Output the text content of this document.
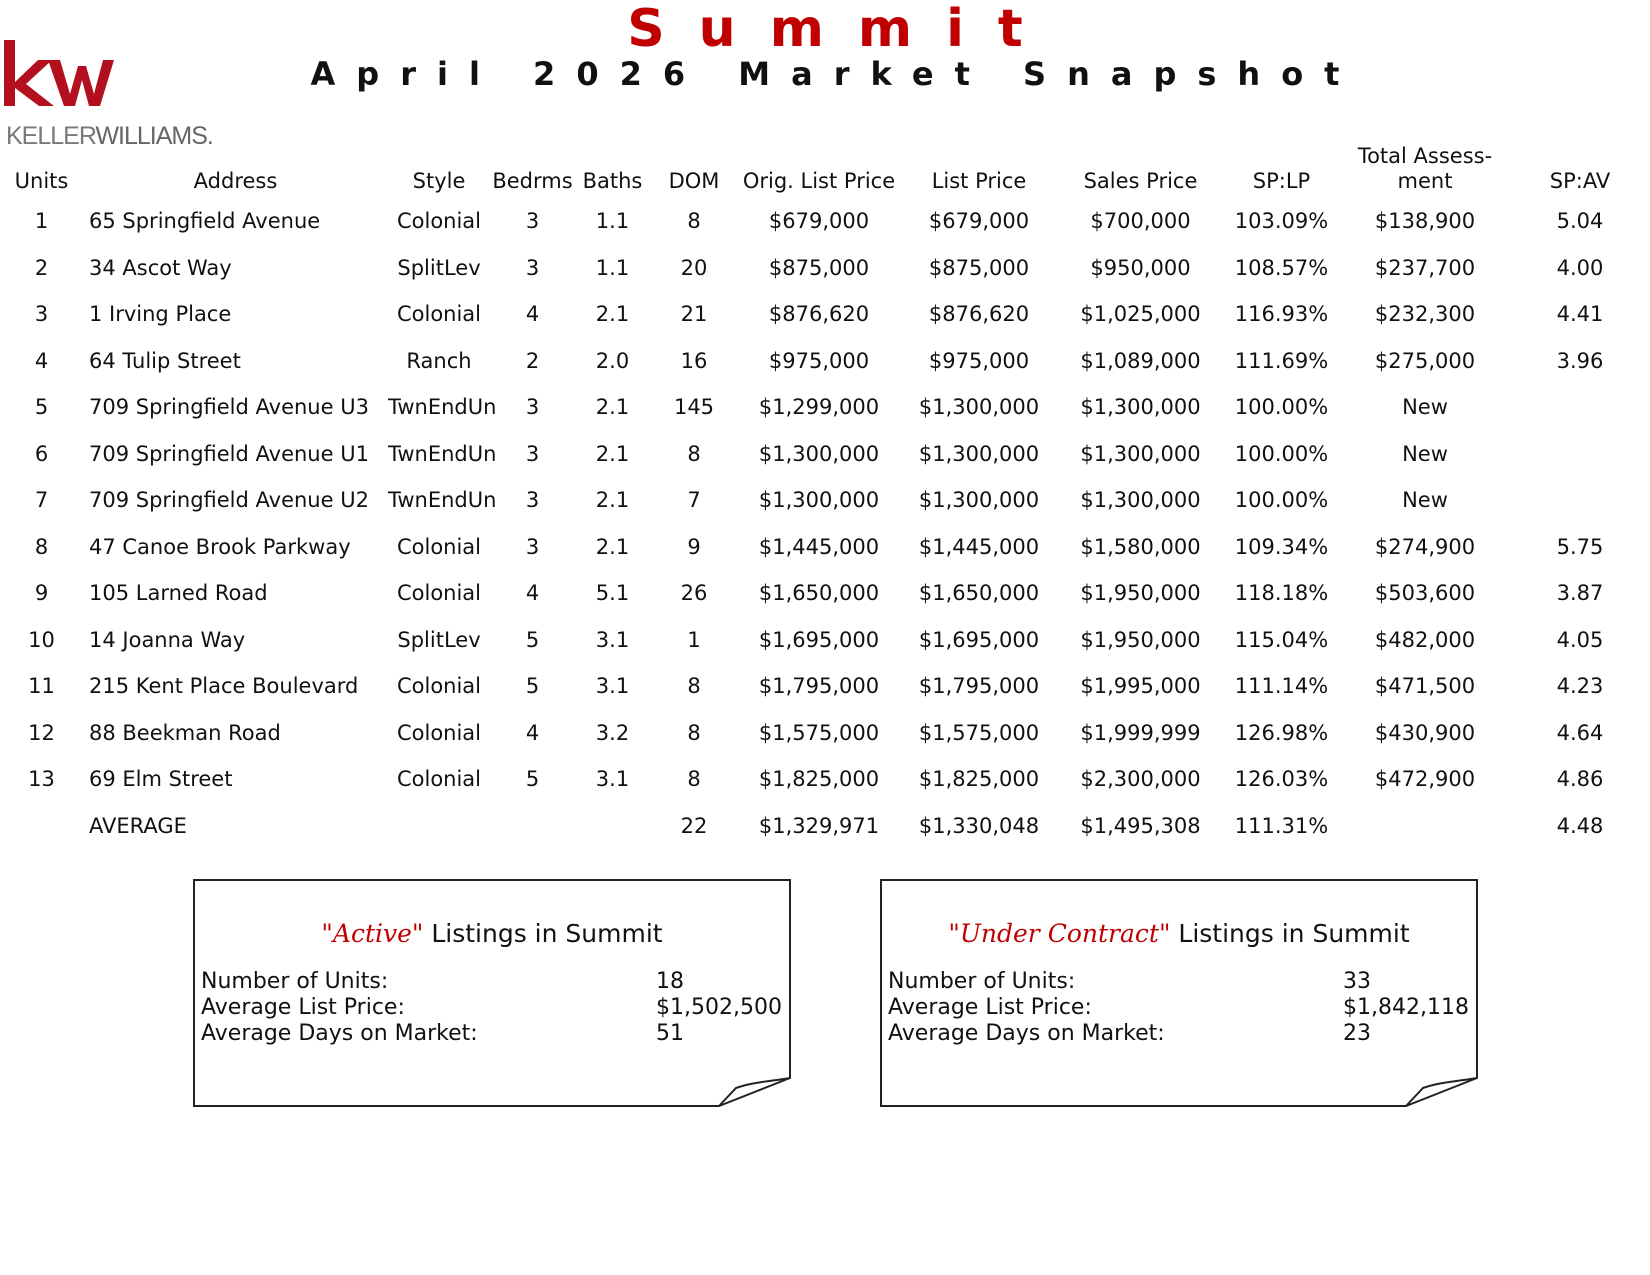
KELLERWILLIAMS.
Summit
April 2026 Market Snapshot
Units	Address	Style	Bedrms	Baths	DOM	Orig. List Price	List Price	Sales Price	SP:LP	Total Assess-
ment	SP:AV
1	65 Springfield Avenue	Colonial	3	1.1	8	$679,000	$679,000	$700,000	103.09%	$138,900	5.04
2	34 Ascot Way	SplitLev	3	1.1	20	$875,000	$875,000	$950,000	108.57%	$237,700	4.00
3	1 Irving Place	Colonial	4	2.1	21	$876,620	$876,620	$1,025,000	116.93%	$232,300	4.41
4	64 Tulip Street	Ranch	2	2.0	16	$975,000	$975,000	$1,089,000	111.69%	$275,000	3.96
5	709 Springfield Avenue U3	TwnEndUn	3	2.1	145	$1,299,000	$1,300,000	$1,300,000	100.00%	New	
6	709 Springfield Avenue U1	TwnEndUn	3	2.1	8	$1,300,000	$1,300,000	$1,300,000	100.00%	New	
7	709 Springfield Avenue U2	TwnEndUn	3	2.1	7	$1,300,000	$1,300,000	$1,300,000	100.00%	New	
8	47 Canoe Brook Parkway	Colonial	3	2.1	9	$1,445,000	$1,445,000	$1,580,000	109.34%	$274,900	5.75
9	105 Larned Road	Colonial	4	5.1	26	$1,650,000	$1,650,000	$1,950,000	118.18%	$503,600	3.87
10	14 Joanna Way	SplitLev	5	3.1	1	$1,695,000	$1,695,000	$1,950,000	115.04%	$482,000	4.05
11	215 Kent Place Boulevard	Colonial	5	3.1	8	$1,795,000	$1,795,000	$1,995,000	111.14%	$471,500	4.23
12	88 Beekman Road	Colonial	4	3.2	8	$1,575,000	$1,575,000	$1,999,999	126.98%	$430,900	4.64
13	69 Elm Street	Colonial	5	3.1	8	$1,825,000	$1,825,000	$2,300,000	126.03%	$472,900	4.86
	AVERAGE				22	$1,329,971	$1,330,048	$1,495,308	111.31%		4.48
"Active" Listings in Summit
Number of Units:	18
Average List Price:	$1,502,500
Average Days on Market:	51
"Under Contract" Listings in Summit
Number of Units:	33
Average List Price:	$1,842,118
Average Days on Market:	23
